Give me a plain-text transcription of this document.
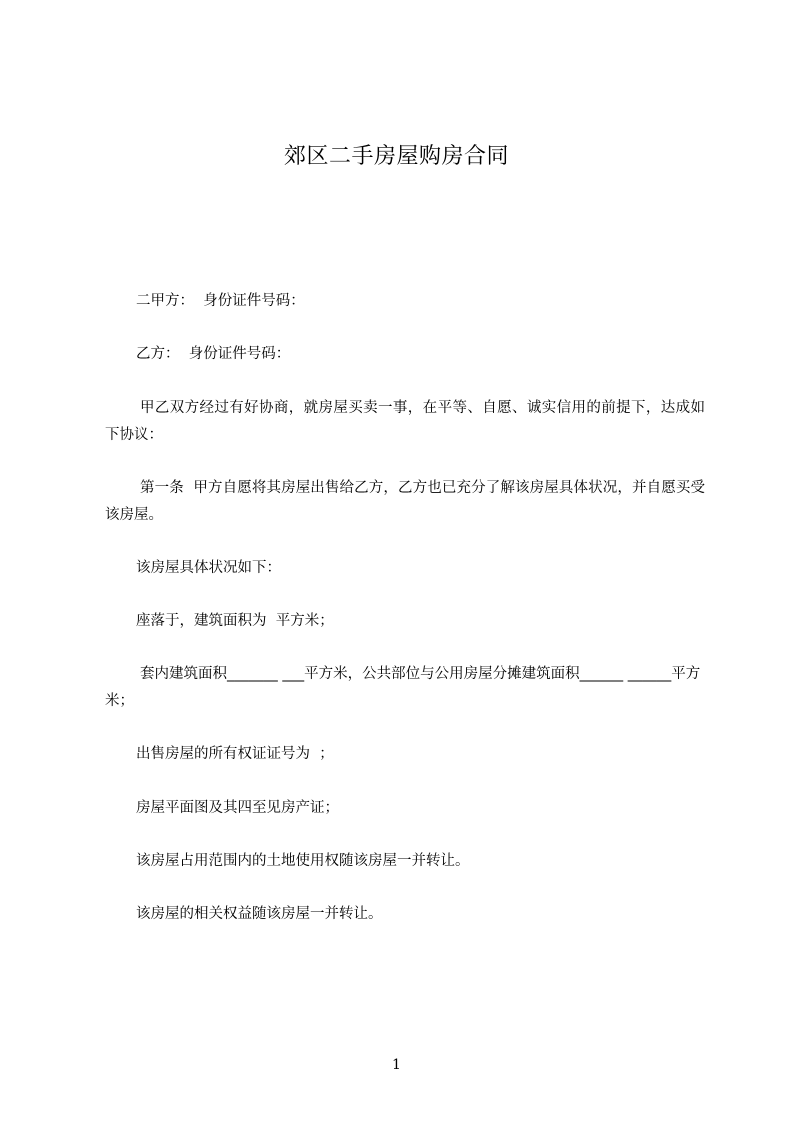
郊区二手房屋购房合同

二甲方：  身份证件号码：

乙方：  身份证件号码：

甲乙双方经过有好协商，就房屋买卖一事，在平等、自愿、诚实信用的前提下，达成如下协议：

第一条  甲方自愿将其房屋出售给乙方，乙方也已充分了解该房屋具体状况，并自愿买受该房屋。

该房屋具体状况如下：

座落于，建筑面积为  平方米；

套内建筑面积_______ ___平方米，公共部位与公用房屋分摊建筑面积______ ______平方米；

出售房屋的所有权证证号为  ；

房屋平面图及其四至见房产证；

该房屋占用范围内的土地使用权随该房屋一并转让。

该房屋的相关权益随该房屋一并转让。

1
